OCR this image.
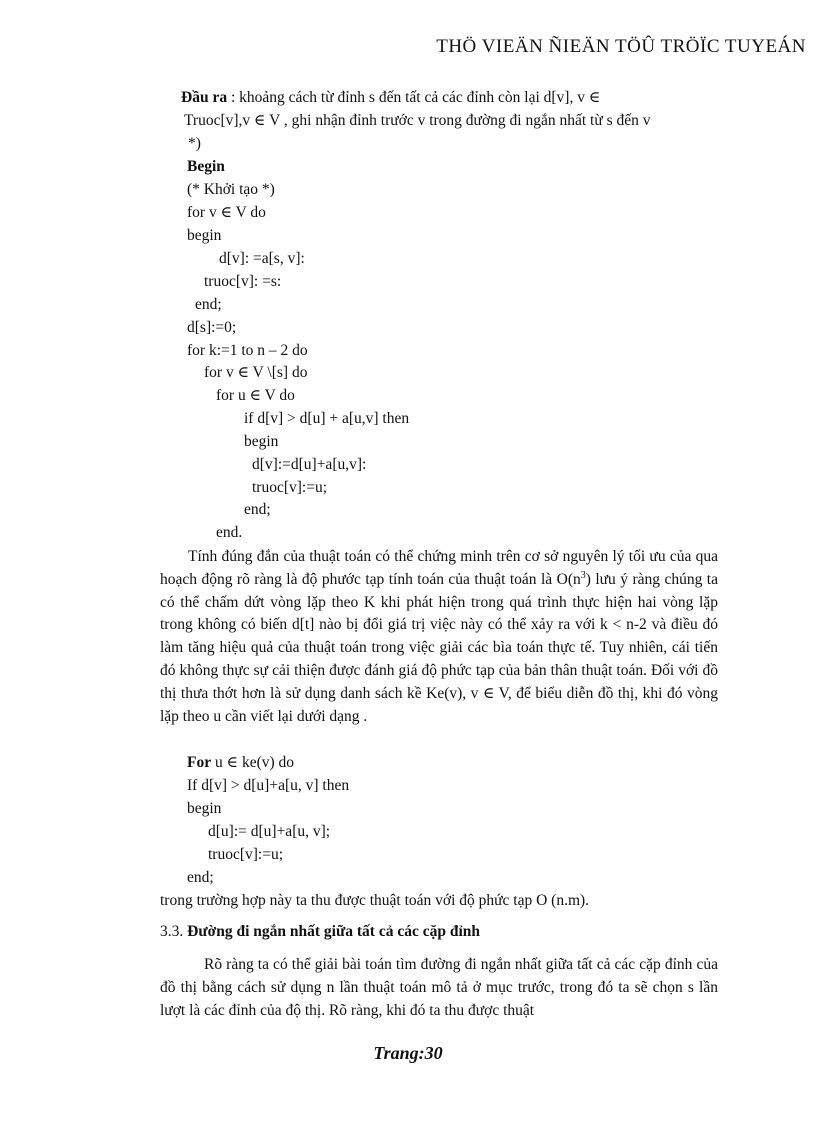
THÖ VIEÄN ÑIEÄN TÖÛ TRÖÏC TUYEÁN
Đầu ra : khoảng cách từ đỉnh s đến tất cả các đỉnh còn lại d[v], v ∈
Truoc[v],v ∈ V , ghi nhận đỉnh trước v trong đường đi ngắn nhất từ s đến v
*)
Begin
(* Khởi tạo *)
for v ∈ V do
begin
d[v]: =a[s, v]:
truoc[v]: =s:
end;
d[s]:=0;
for k:=1 to n – 2 do
for v ∈ V \[s] do
for u ∈ V do
if d[v] > d[u] + a[u,v] then
begin
d[v]:=d[u]+a[u,v]:
truoc[v]:=u;
end;
end.

Tính đúng đắn của thuật toán có thể chứng minh trên cơ sở nguyên lý tối ưu của qua hoạch động rõ ràng là độ phước tạp tính toán của thuật toán là $O(n^3)$ lưu ý ràng chúng ta có thể chấm dứt vòng lặp theo K khi phát hiện trong quá trình thực hiện hai vòng lặp trong không có biến d[t] nào bị đổi giá trị việc này có thể xảy ra với k < n-2 và điều đó làm tăng hiệu quả của thuật toán trong việc giải các bìa toán thực tế. Tuy nhiên, cái tiến đó không thực sự cải thiện được đánh giá độ phức tạp của bản thân thuật toán. Đối với đồ thị thưa thớt hơn là sử dụng danh sách kề Ke(v), v ∈ V, để biểu diễn đồ thị, khi đó vòng lặp theo u cần viết lại dưới dạng .

For u ∈ ke(v) do
If d[v] > d[u]+a[u, v] then
begin
d[u]:= d[u]+a[u, v];
truoc[v]:=u;
end;
trong trường hợp này ta thu được thuật toán với độ phức tạp O (n.m).
3.3. Đường đi ngắn nhất giữa tất cả các cặp đỉnh

Rõ ràng ta có thể giải bài toán tìm đường đi ngắn nhất giữa tất cả các cặp đỉnh của đồ thị bằng cách sử dụng n lần thuật toán mô tả ở mục trước, trong đó ta sẽ chọn s lần lượt là các đỉnh của độ thị. Rõ ràng, khi đó ta thu được thuật

Trang:30
